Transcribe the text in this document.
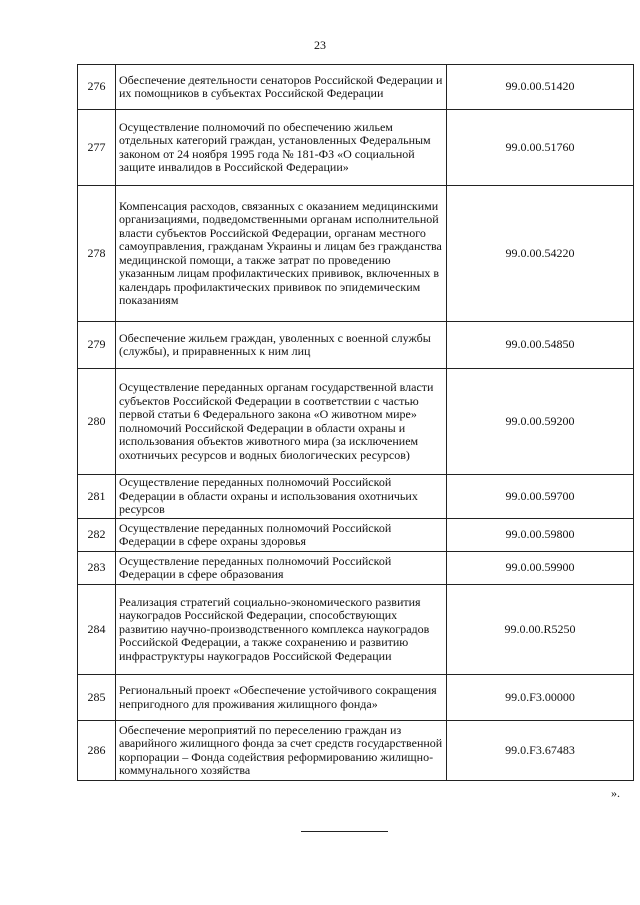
23
276	Обеспечение деятельности сенаторов Российской Федерации и их помощников в субъектах Российской Федерации	99.0.00.51420
277	Осуществление полномочий по обеспечению жильем отдельных категорий граждан, установленных Федеральным законом от 24 ноября 1995 года № 181-ФЗ «О социальной защите инвалидов в Российской Федерации»	99.0.00.51760
278	Компенсация расходов, связанных с оказанием медицинскими организациями, подведомственными органам исполнительной власти субъектов Российской Федерации, органам местного самоуправления, гражданам Украины и лицам без гражданства медицинской помощи, а также затрат по проведению указанным лицам профилактических прививок, включенных в календарь профилактических прививок по эпидемическим показаниям	99.0.00.54220
279	Обеспечение жильем граждан, уволенных с военной службы (службы), и приравненных к ним лиц	99.0.00.54850
280	Осуществление переданных органам государственной власти субъектов Российской Федерации в соответствии с частью первой статьи 6 Федерального закона «О животном мире» полномочий Российской Федерации в области охраны и использования объектов животного мира (за исключением охотничьих ресурсов и водных биологических ресурсов)	99.0.00.59200
281	Осуществление переданных полномочий Российской Федерации в области охраны и использования охотничьих ресурсов	99.0.00.59700
282	Осуществление переданных полномочий Российской Федерации в сфере охраны здоровья	99.0.00.59800
283	Осуществление переданных полномочий Российской Федерации в сфере образования	99.0.00.59900
284	Реализация стратегий социально-экономического развития наукоградов Российской Федерации, способствующих развитию научно-производственного комплекса наукоградов Российской Федерации, а также сохранению и развитию инфраструктуры наукоградов Российской Федерации	99.0.00.R5250
285	Региональный проект «Обеспечение устойчивого сокращения непригодного для проживания жилищного фонда»	99.0.F3.00000
286	Обеспечение мероприятий по переселению граждан из аварийного жилищного фонда за счет средств государственной корпорации – Фонда содействия реформированию жилищно-коммунального хозяйства	99.0.F3.67483
».
